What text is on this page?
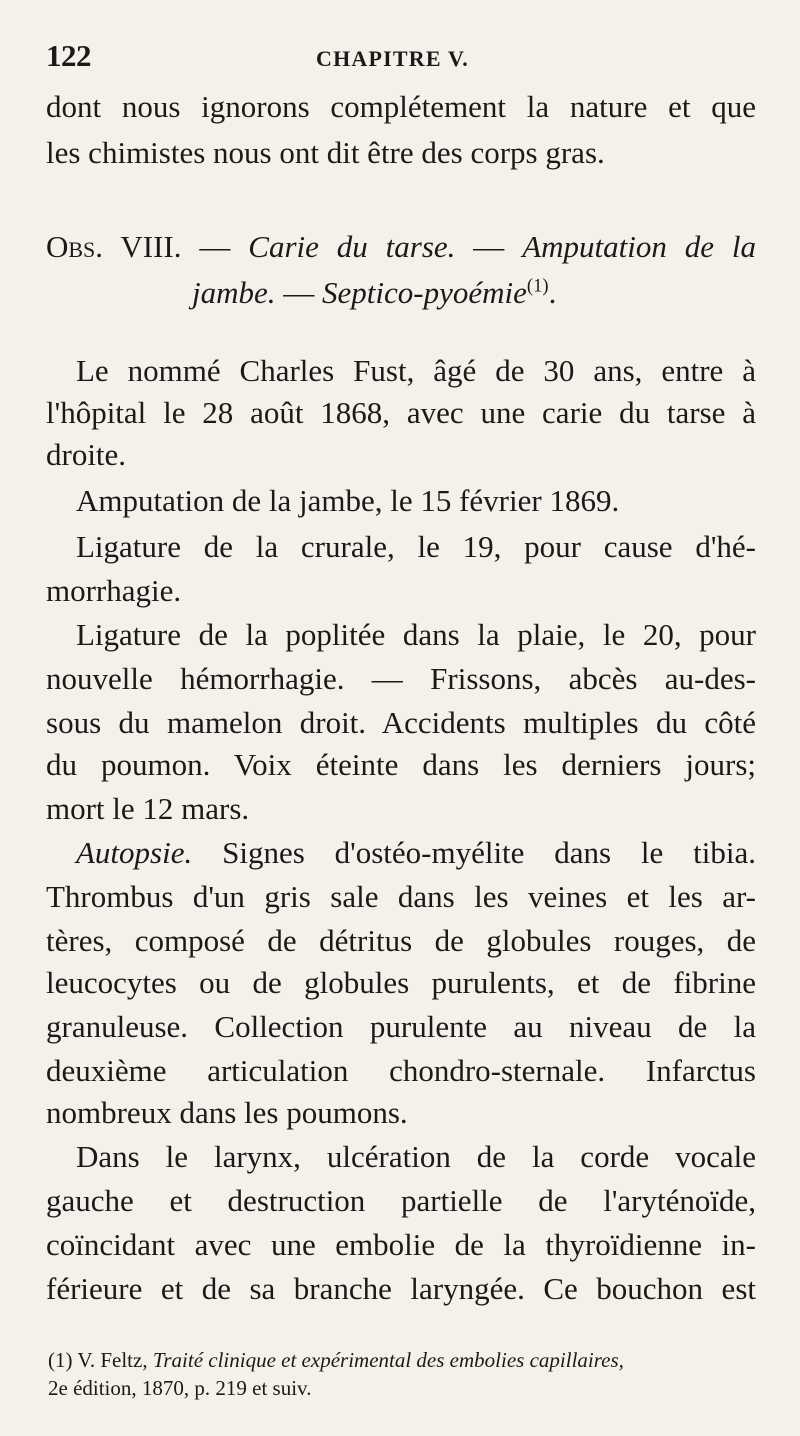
122	CHAPITRE V.
dont nous ignorons complétement la nature et que
les chimistes nous ont dit être des corps gras.
Obs. VIII. — Carie du tarse. — Amputation de la
jambe. — Septico-pyoémie$^{(1)}$.
Le nommé Charles Fust, âgé de 30 ans, entre à
l'hôpital le 28 août 1868, avec une carie du tarse à
droite.
Amputation de la jambe, le 15 février 1869.
Ligature de la crurale, le 19, pour cause d'hé-
morrhagie.
Ligature de la poplitée dans la plaie, le 20, pour
nouvelle hémorrhagie. — Frissons, abcès au-des-
sous du mamelon droit. Accidents multiples du côté
du poumon. Voix éteinte dans les derniers jours;
mort le 12 mars.
Autopsie. Signes d'ostéo-myélite dans le tibia.
Thrombus d'un gris sale dans les veines et les ar-
tères, composé de détritus de globules rouges, de
leucocytes ou de globules purulents, et de fibrine
granuleuse. Collection purulente au niveau de la
deuxième articulation chondro-sternale. Infarctus
nombreux dans les poumons.
Dans le larynx, ulcération de la corde vocale
gauche et destruction partielle de l'aryténoïde,
coïncidant avec une embolie de la thyroïdienne in-
férieure et de sa branche laryngée. Ce bouchon est
(1) V. Feltz, Traité clinique et expérimental des embolies capillaires,
2e édition, 1870, p. 219 et suiv.
